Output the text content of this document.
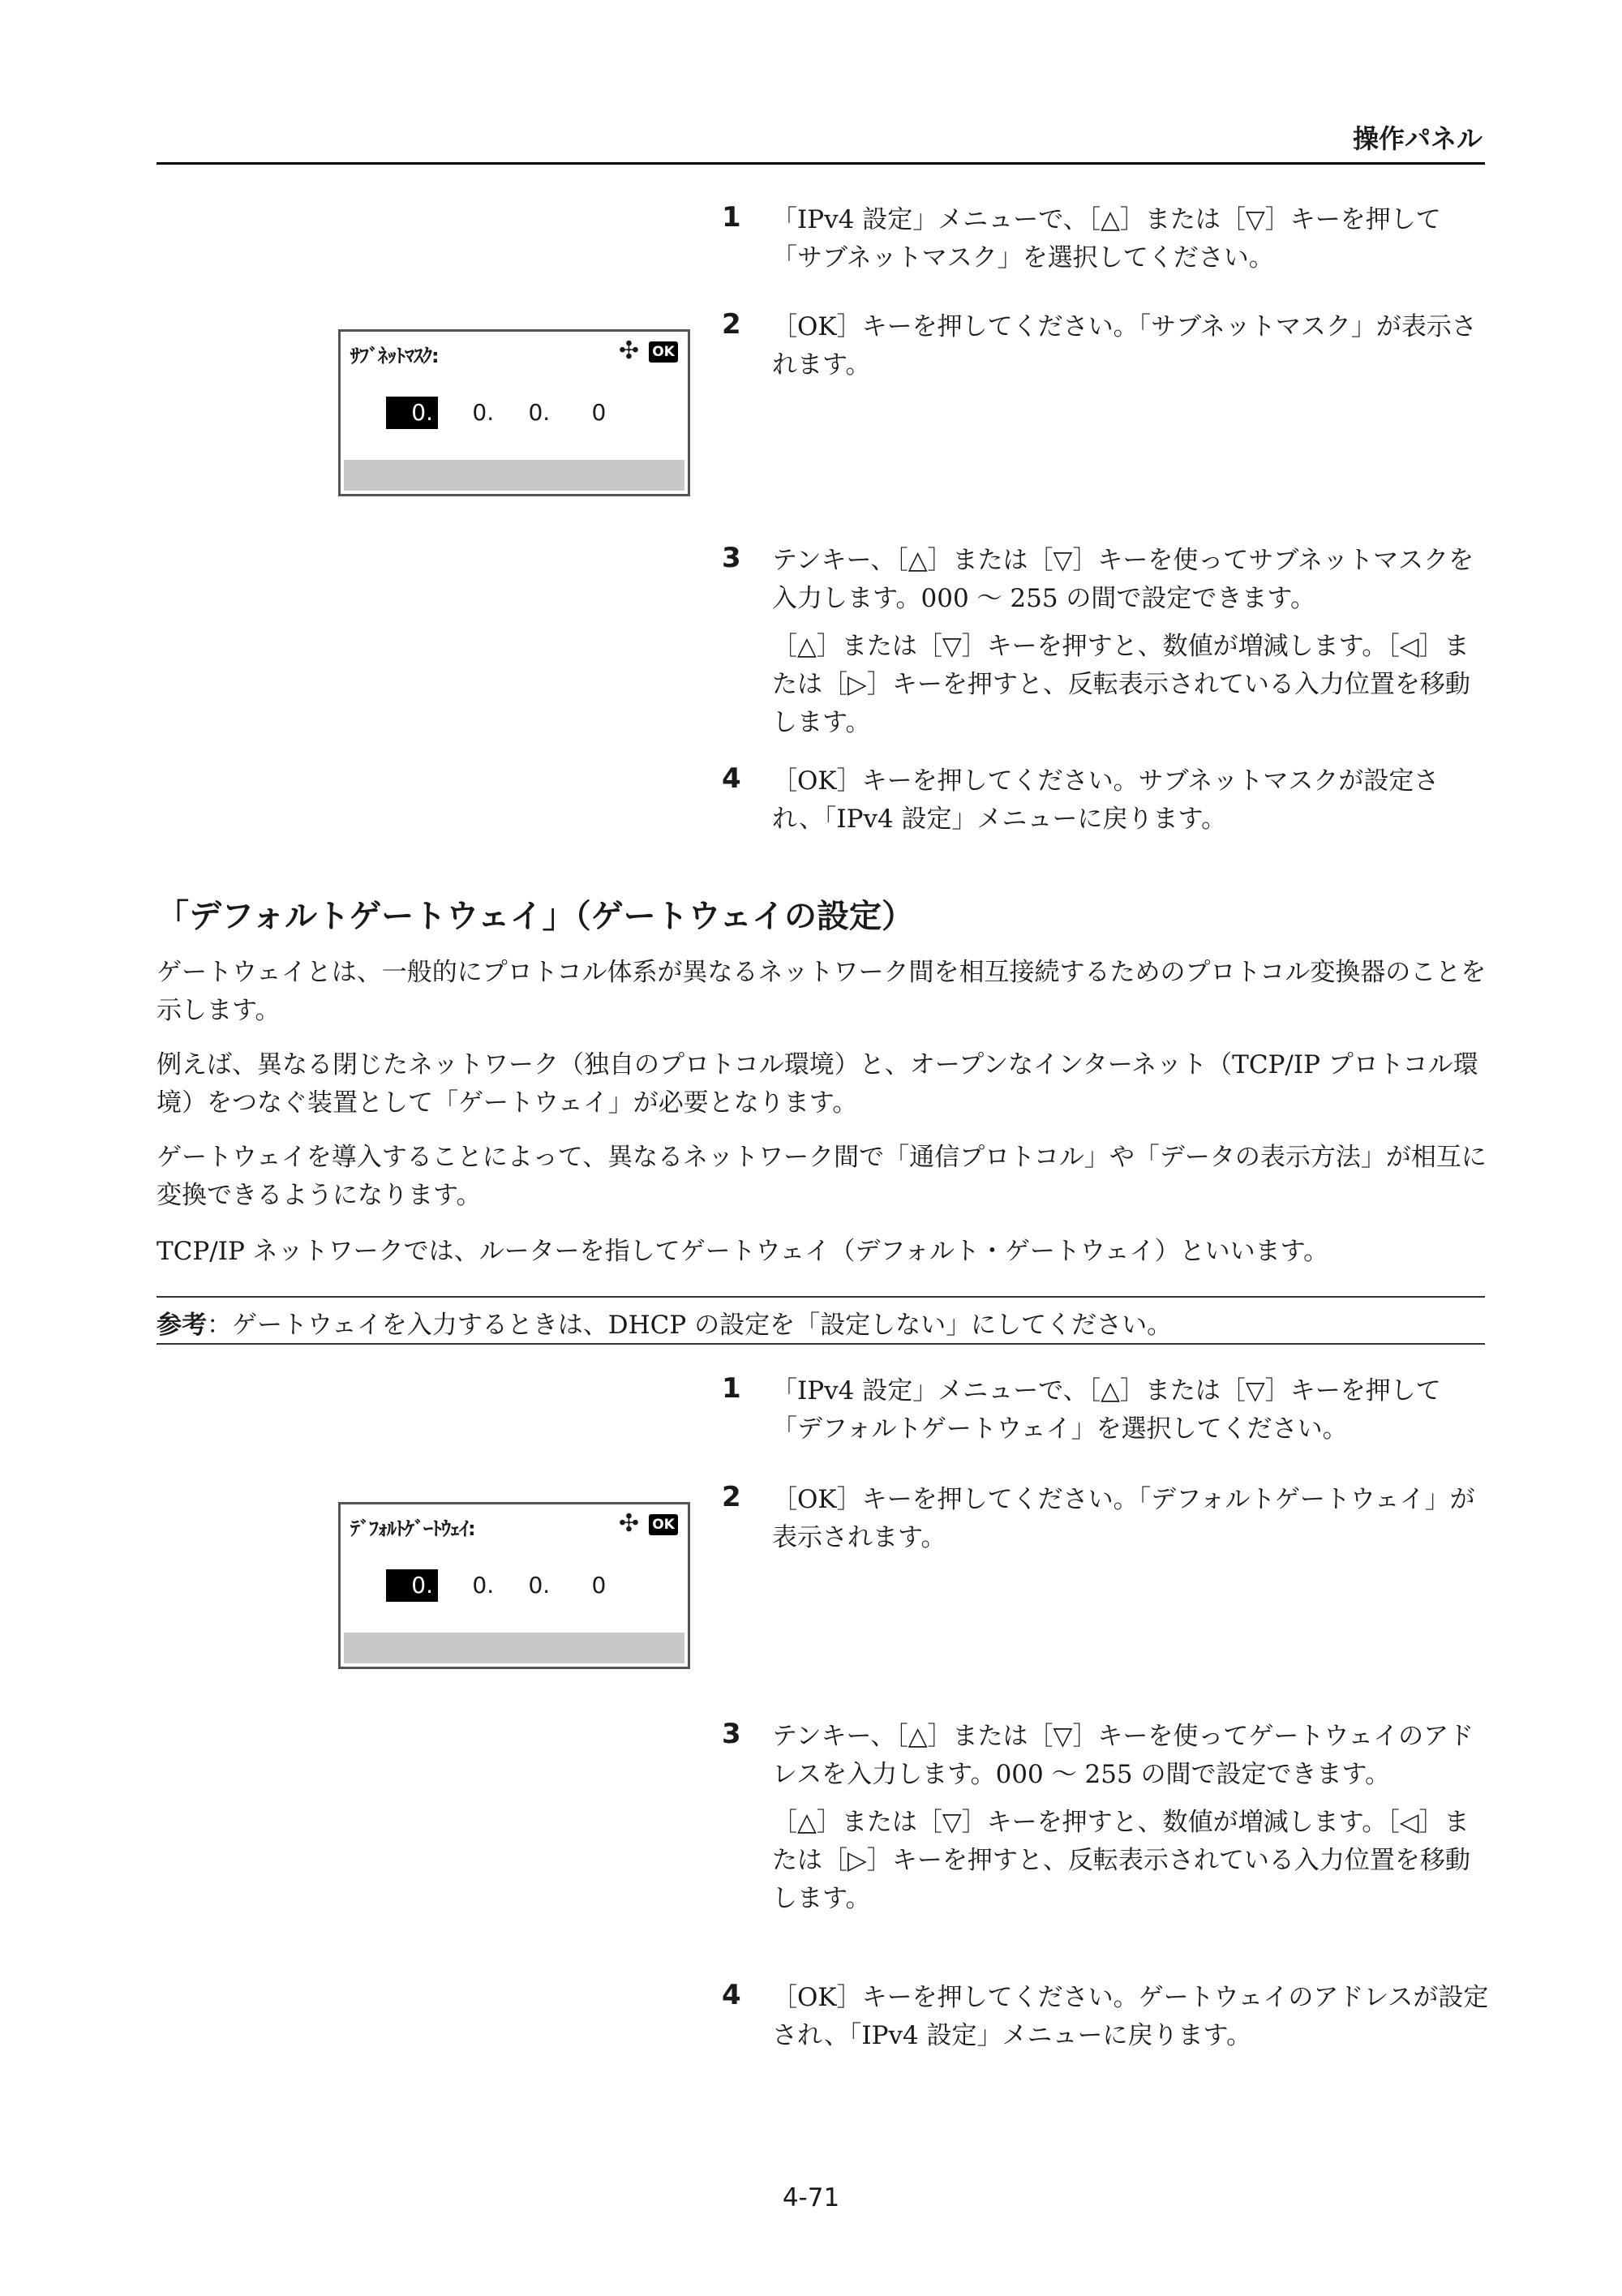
操作パネル
1 「IPv4 設定」メニューで、［△］または［▽］キーを押して「サブネットマスク」を選択してください。

2 ［OK］キーを押してください。「サブネットマスク」が表示されます。

ｻﾌﾞﾈｯﾄﾏｽｸ:	✣ OK
0. 0. 0. 0
3 テンキー、［△］または［▽］キーを使ってサブネットマスクを入力します。000 〜 255 の間で設定できます。

［△］または［▽］キーを押すと、数値が増減します。［◁］または［▷］キーを押すと、反転表示されている入力位置を移動します。

4 ［OK］キーを押してください。サブネットマスクが設定され、「IPv4 設定」メニューに戻ります。

「デフォルトゲートウェイ」（ゲートウェイの設定）

ゲートウェイとは、一般的にプロトコル体系が異なるネットワーク間を相互接続するためのプロトコル変換器のことを示します。

例えば、異なる閉じたネットワーク（独自のプロトコル環境）と、オープンなインターネット（TCP/IP プロトコル環境）をつなぐ装置として「ゲートウェイ」が必要となります。

ゲートウェイを導入することによって、異なるネットワーク間で「通信プロトコル」や「データの表示方法」が相互に変換できるようになります。

TCP/IP ネットワークでは、ルーターを指してゲートウェイ（デフォルト・ゲートウェイ）といいます。

参考：ゲートウェイを入力するときは、DHCP の設定を「設定しない」にしてください。
1 「IPv4 設定」メニューで、［△］または［▽］キーを押して「デフォルトゲートウェイ」を選択してください。

2 ［OK］キーを押してください。「デフォルトゲートウェイ」が表示されます。

ﾃﾞﾌｫﾙﾄｹﾞｰﾄｳｪｲ:	✣ OK
0. 0. 0. 0
3 テンキー、［△］または［▽］キーを使ってゲートウェイのアドレスを入力します。000 〜 255 の間で設定できます。

［△］または［▽］キーを押すと、数値が増減します。［◁］または［▷］キーを押すと、反転表示されている入力位置を移動します。

4 ［OK］キーを押してください。ゲートウェイのアドレスが設定され、「IPv4 設定」メニューに戻ります。

4-71
